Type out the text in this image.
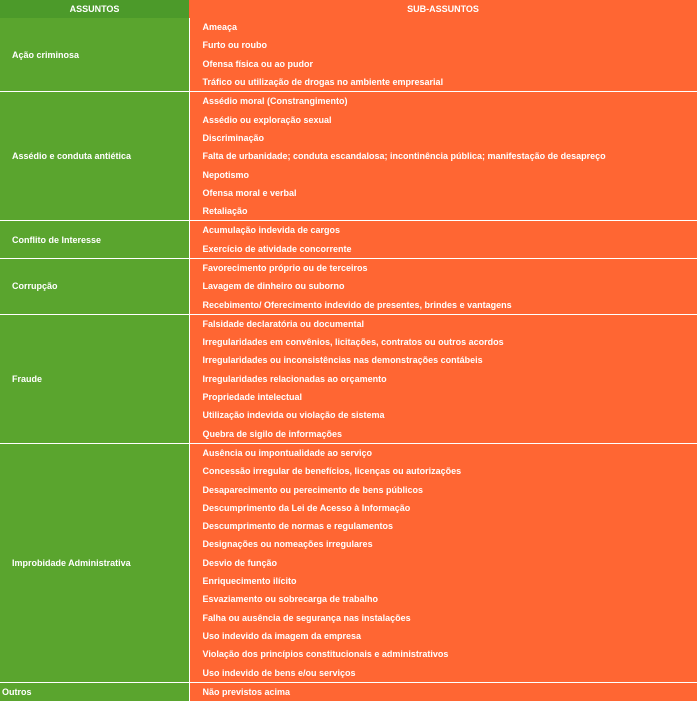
ASSUNTOS	SUB-ASSUNTOS
Ação criminosa	Ameaça
	Furto ou roubo
	Ofensa física ou ao pudor
	Tráfico ou utilização de drogas no ambiente empresarial
Assédio e conduta antiética	Assédio moral (Constrangimento)
	Assédio ou exploração sexual
	Discriminação
	Falta de urbanidade; conduta escandalosa; incontinência pública; manifestação de desapreço
	Nepotismo
	Ofensa moral e verbal
	Retaliação
Conflito de Interesse	Acumulação indevida de cargos
	Exercício de atividade concorrente
Corrupção	Favorecimento próprio ou de terceiros
	Lavagem de dinheiro ou suborno
	Recebimento/ Oferecimento indevido de presentes, brindes e vantagens
Fraude	Falsidade declaratória ou documental
	Irregularidades em convênios, licitações, contratos ou outros acordos
	Irregularidades ou inconsistências nas demonstrações contábeis
	Irregularidades relacionadas ao orçamento
	Propriedade intelectual
	Utilização indevida ou violação de sistema
	Quebra de sigilo de informações
Improbidade Administrativa	Ausência ou impontualidade ao serviço
	Concessão irregular de benefícios, licenças ou autorizações
	Desaparecimento ou perecimento de bens públicos
	Descumprimento da Lei de Acesso à Informação
	Descumprimento de normas e regulamentos
	Designações ou nomeações irregulares
	Desvio de função
	Enriquecimento ilícito
	Esvaziamento ou sobrecarga de trabalho
	Falha ou ausência de segurança nas instalações
	Uso indevido da imagem da empresa
	Violação dos princípios constitucionais e administrativos
	Uso indevido de bens e/ou serviços
Outros	Não previstos acima
